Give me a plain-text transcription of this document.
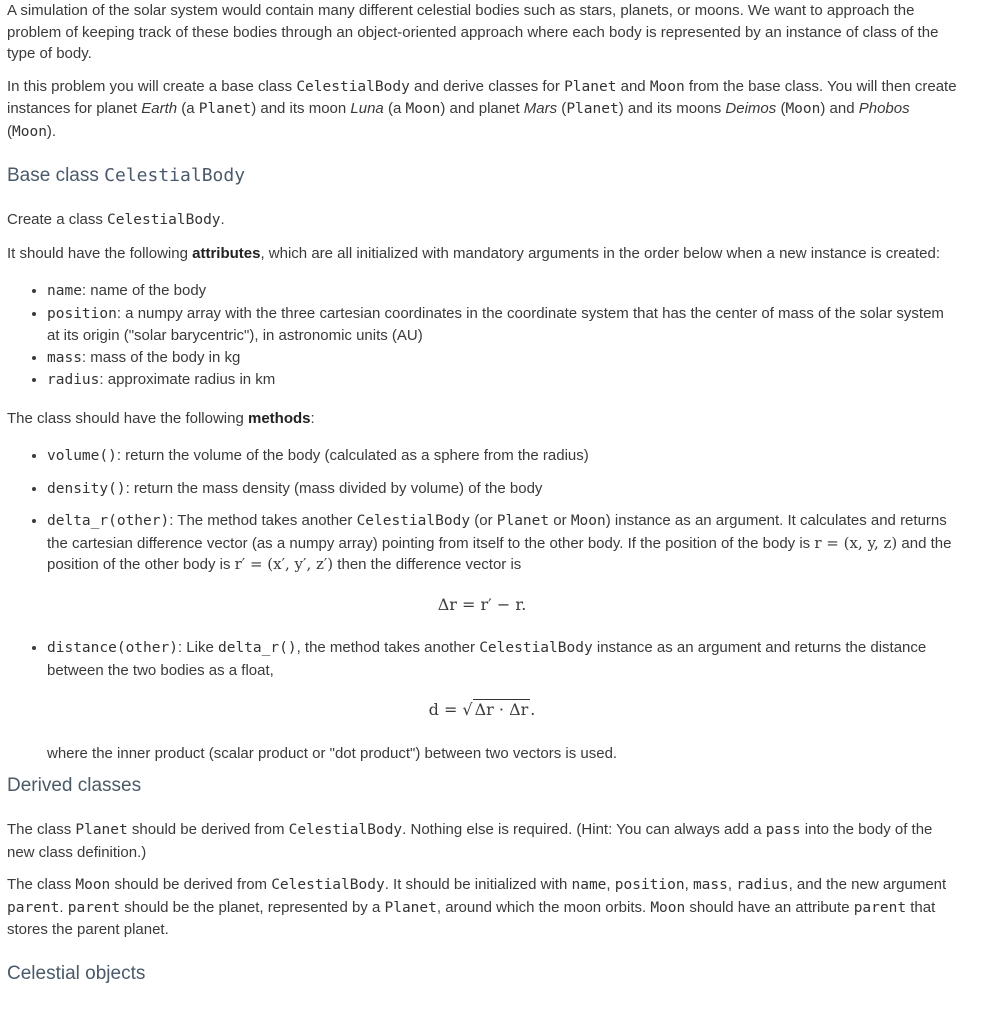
A simulation of the solar system would contain many different celestial bodies such as stars, planets, or moons. We want to approach the problem of keeping track of these bodies through an object-oriented approach where each body is represented by an instance of class of the type of body.

In this problem you will create a base class CelestialBody and derive classes for Planet and Moon from the base class. You will then create instances for planet Earth (a Planet) and its moon Luna (a Moon) and planet Mars (Planet) and its moons Deimos (Moon) and Phobos (Moon).

Base class CelestialBody

Create a class CelestialBody.

It should have the following attributes, which are all initialized with mandatory arguments in the order below when a new instance is created:

• name: name of the body
• position: a numpy array with the three cartesian coordinates in the coordinate system that has the center of mass of the solar system at its origin ("solar barycentric"), in astronomic units (AU)
• mass: mass of the body in kg
• radius: approximate radius in km

The class should have the following methods:

• volume(): return the volume of the body (calculated as a sphere from the radius)
• density(): return the mass density (mass divided by volume) of the body
• delta_r(other): The method takes another CelestialBody (or Planet or Moon) instance as an argument. It calculates and returns the cartesian difference vector (as a numpy array) pointing from itself to the other body. If the position of the body is r = (x, y, z) and the position of the other body is r′ = (x′, y′, z′) then the difference vector is
Δr = r′ − r.
• distance(other): Like delta_r(), the method takes another CelestialBody instance as an argument and returns the distance between the two bodies as a float,
d = √ Δr · Δr .

where the inner product (scalar product or "dot product") between two vectors is used.

Derived classes

The class Planet should be derived from CelestialBody. Nothing else is required. (Hint: You can always add a pass into the body of the new class definition.)

The class Moon should be derived from CelestialBody. It should be initialized with name, position, mass, radius, and the new argument parent. parent should be the planet, represented by a Planet, around which the moon orbits. Moon should have an attribute parent that stores the parent planet.

Celestial objects
